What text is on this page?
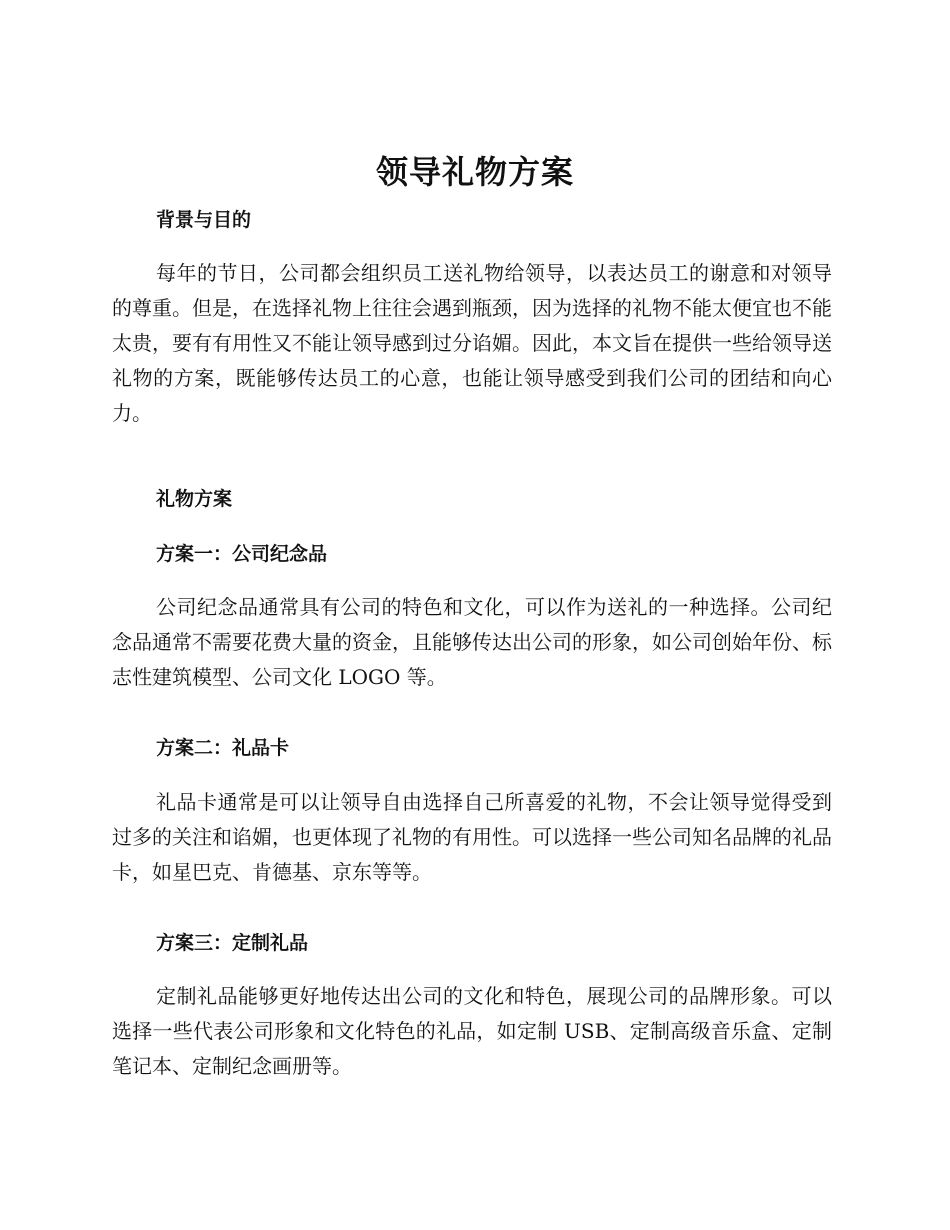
领导礼物方案
背景与目的

每年的节日，公司都会组织员工送礼物给领导，以表达员工的谢意和对领导的尊重。但是，在选择礼物上往往会遇到瓶颈，因为选择的礼物不能太便宜也不能太贵，要有有用性又不能让领导感到过分谄媚。因此，本文旨在提供一些给领导送礼物的方案，既能够传达员工的心意，也能让领导感受到我们公司的团结和向心力。

礼物方案
方案一：公司纪念品

公司纪念品通常具有公司的特色和文化，可以作为送礼的一种选择。公司纪念品通常不需要花费大量的资金，且能够传达出公司的形象，如公司创始年份、标志性建筑模型、公司文化 LOGO 等。

方案二：礼品卡

礼品卡通常是可以让领导自由选择自己所喜爱的礼物，不会让领导觉得受到过多的关注和谄媚，也更体现了礼物的有用性。可以选择一些公司知名品牌的礼品卡，如星巴克、肯德基、京东等等。

方案三：定制礼品

定制礼品能够更好地传达出公司的文化和特色，展现公司的品牌形象。可以选择一些代表公司形象和文化特色的礼品，如定制 USB、定制高级音乐盒、定制笔记本、定制纪念画册等。
